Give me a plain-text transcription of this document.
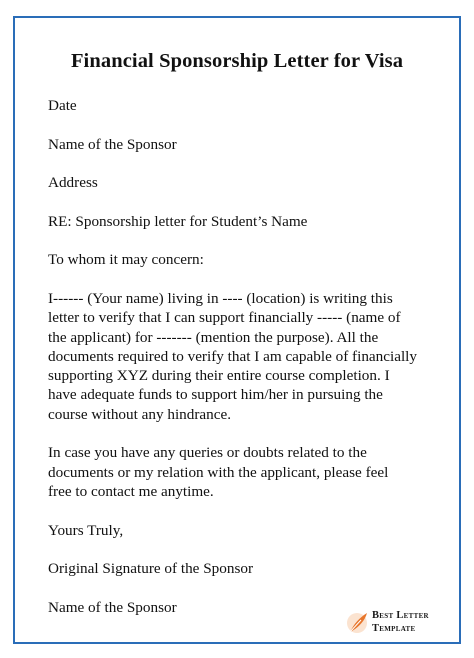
Financial Sponsorship Letter for Visa

Date

Name of the Sponsor

Address

RE: Sponsorship letter for Student’s Name

To whom it may concern:

I------ (Your name) living in ---- (location) is writing this

letter to verify that I can support financially ----- (name of

the applicant) for ------- (mention the purpose). All the

documents required to verify that I am capable of financially

supporting XYZ during their entire course completion. I

have adequate funds to support him/her in pursuing the

course without any hindrance.

In case you have any queries or doubts related to the

documents or my relation with the applicant, please feel

free to contact me anytime.

Yours Truly,

Original Signature of the Sponsor

Name of the Sponsor	Best Letter
Template
